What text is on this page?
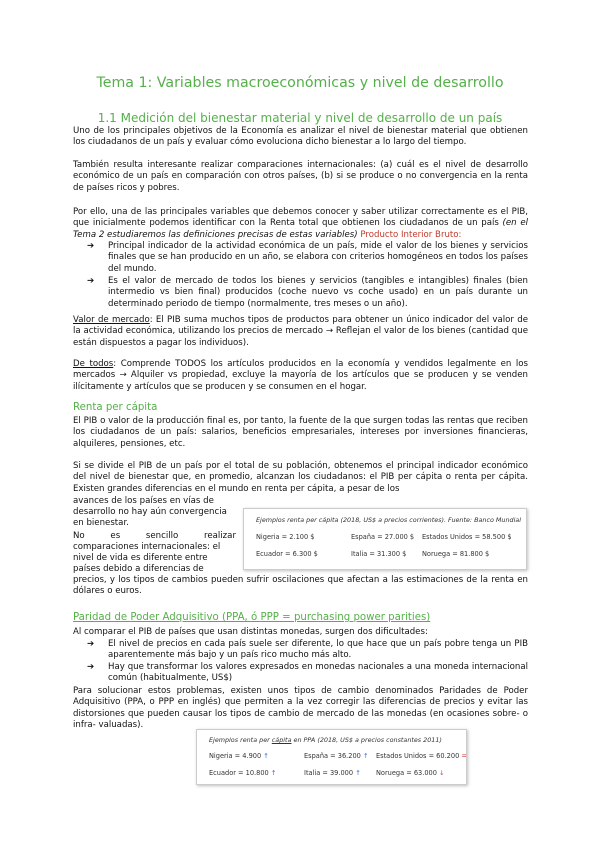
Tema 1: Variables macroeconómicas y nivel de desarrollo
1.1 Medición del bienestar material y nivel de desarrollo de un país
Uno de los principales objetivos de la Economía es analizar el nivel de bienestar material que obtienen los ciudadanos de un país y evaluar cómo evoluciona dicho bienestar a lo largo del tiempo.
También resulta interesante realizar comparaciones internacionales: (a) cuál es el nivel de desarrollo económico de un país en comparación con otros países, (b) si se produce o no convergencia en la renta de países ricos y pobres.
Por ello, una de las principales variables que debemos conocer y saber utilizar correctamente es el PIB, que inicialmente podemos identificar con la Renta total que obtienen los ciudadanos de un país (en el Tema 2 estudiaremos las definiciones precisas de estas variables) Producto Interior Bruto:
➔ Principal indicador de la actividad económica de un país, mide el valor de los bienes y servicios finales que se han producido en un año, se elabora con criterios homogéneos en todos los países del mundo.
➔ Es el valor de mercado de todos los bienes y servicios (tangibles e intangibles) finales (bien intermedio vs bien final) producidos (coche nuevo vs coche usado) en un país durante un determinado periodo de tiempo (normalmente, tres meses o un año).
Valor de mercado: El PIB suma muchos tipos de productos para obtener un único indicador del valor de la actividad económica, utilizando los precios de mercado → Reflejan el valor de los bienes (cantidad que están dispuestos a pagar los individuos).
De todos: Comprende TODOS los artículos producidos en la economía y vendidos legalmente en los mercados → Alquiler vs propiedad, excluye la mayoría de los artículos que se producen y se venden ilícitamente y artículos que se producen y se consumen en el hogar.
Renta per cápita
El PIB o valor de la producción final es, por tanto, la fuente de la que surgen todas las rentas que reciben los ciudadanos de un país: salarios, beneficios empresariales, intereses por inversiones financieras, alquileres, pensiones, etc.
Si se divide el PIB de un país por el total de su población, obtenemos el principal indicador económico del nivel de bienestar que, en promedio, alcanzan los ciudadanos: el PIB per cápita o renta per cápita. Existen grandes diferencias en el mundo en renta per cápita, a pesar de los
avances de los países en vías de
desarrollo no hay aún convergencia
en bienestar.
No es sencillo realizar
comparaciones internacionales: el
nivel de vida es diferente entre
países debido a diferencias de
precios, y los tipos de cambios pueden sufrir oscilaciones que afectan a las estimaciones de la renta en dólares o euros.
Ejemplos renta per cápita (2018, US$ a precios corrientes). Fuente: Banco Mundial
Nigeria = 2.100 $	España = 27.000 $ Estados Unidos = 58.500 $
Ecuador = 6.300 $	Italia = 31.300 $ Noruega = 81.800 $
Paridad de Poder Adquisitivo (PPA, ó PPP = purchasing power parities)
Al comparar el PIB de países que usan distintas monedas, surgen dos dificultades:
➔ El nivel de precios en cada país suele ser diferente, lo que hace que un país pobre tenga un PIB aparentemente más bajo y un país rico mucho más alto.
➔ Hay que transformar los valores expresados en monedas nacionales a una moneda internacional común (habitualmente, US$)
Para solucionar estos problemas, existen unos tipos de cambio denominados Paridades de Poder Adquisitivo (PPA, o PPP en inglés) que permiten a la vez corregir las diferencias de precios y evitar las distorsiones que pueden causar los tipos de cambio de mercado de las monedas (en ocasiones sobre- o infra- valuadas).
Ejemplos renta per cápita en PPA (2018, US$ a precios constantes 2011)
Nigeria = 4.900 ↑	España = 36.200 ↑ Estados Unidos = 60.200 =
Ecuador = 10.800 ↑	Italia = 39.000 ↑ Noruega = 63.000 ↓
